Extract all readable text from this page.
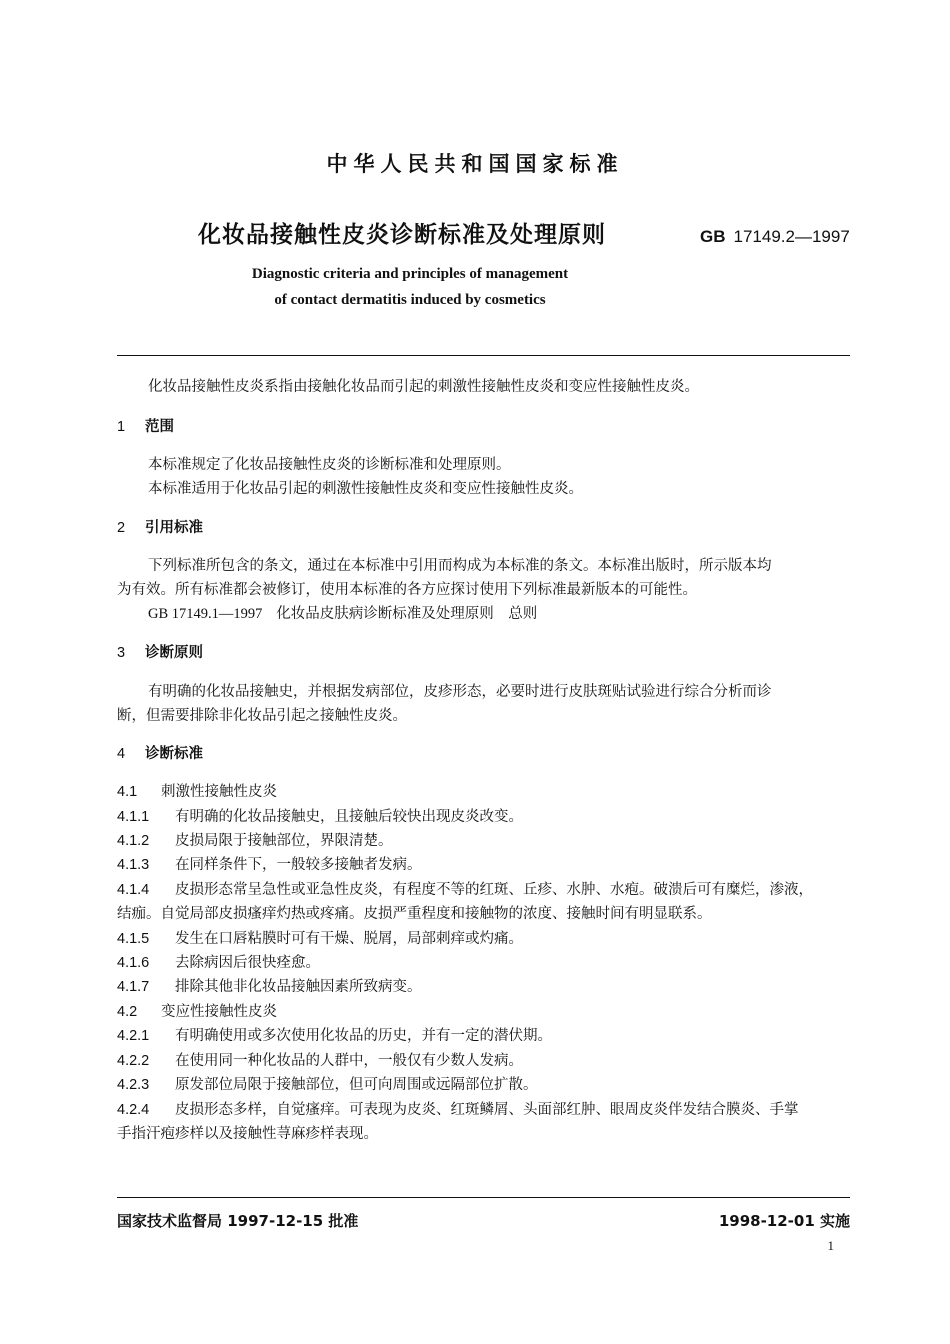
中华人民共和国国家标准
化妆品接触性皮炎诊断标准及处理原则	GB 17149.2—1997
Diagnostic criteria and principles of management
of contact dermatitis induced by cosmetics
化妆品接触性皮炎系指由接触化妆品而引起的刺激性接触性皮炎和变应性接触性皮炎。
1 范围
本标准规定了化妆品接触性皮炎的诊断标准和处理原则。
本标准适用于化妆品引起的刺激性接触性皮炎和变应性接触性皮炎。
2 引用标准
下列标准所包含的条文，通过在本标准中引用而构成为本标准的条文。本标准出版时，所示版本均
为有效。所有标准都会被修订，使用本标准的各方应探讨使用下列标准最新版本的可能性。
GB 17149.1—1997 化妆品皮肤病诊断标准及处理原则　总则
3 诊断原则
有明确的化妆品接触史，并根据发病部位，皮疹形态，必要时进行皮肤斑贴试验进行综合分析而诊
断，但需要排除非化妆品引起之接触性皮炎。
4 诊断标准
4.1 刺激性接触性皮炎
4.1.1 有明确的化妆品接触史，且接触后较快出现皮炎改变。
4.1.2 皮损局限于接触部位，界限清楚。
4.1.3 在同样条件下，一般较多接触者发病。
4.1.4 皮损形态常呈急性或亚急性皮炎，有程度不等的红斑、丘疹、水肿、水疱。破溃后可有糜烂，渗液，
结痂。自觉局部皮损瘙痒灼热或疼痛。皮损严重程度和接触物的浓度、接触时间有明显联系。
4.1.5 发生在口唇粘膜时可有干燥、脱屑，局部刺痒或灼痛。
4.1.6 去除病因后很快痊愈。
4.1.7 排除其他非化妆品接触因素所致病变。
4.2 变应性接触性皮炎
4.2.1 有明确使用或多次使用化妆品的历史，并有一定的潜伏期。
4.2.2 在使用同一种化妆品的人群中，一般仅有少数人发病。
4.2.3 原发部位局限于接触部位，但可向周围或远隔部位扩散。
4.2.4 皮损形态多样，自觉瘙痒。可表现为皮炎、红斑鳞屑、头面部红肿、眼周皮炎伴发结合膜炎、手掌
手指汗疱疹样以及接触性荨麻疹样表现。
国家技术监督局 1997-12-15 批准	1998-12-01 实施
1
